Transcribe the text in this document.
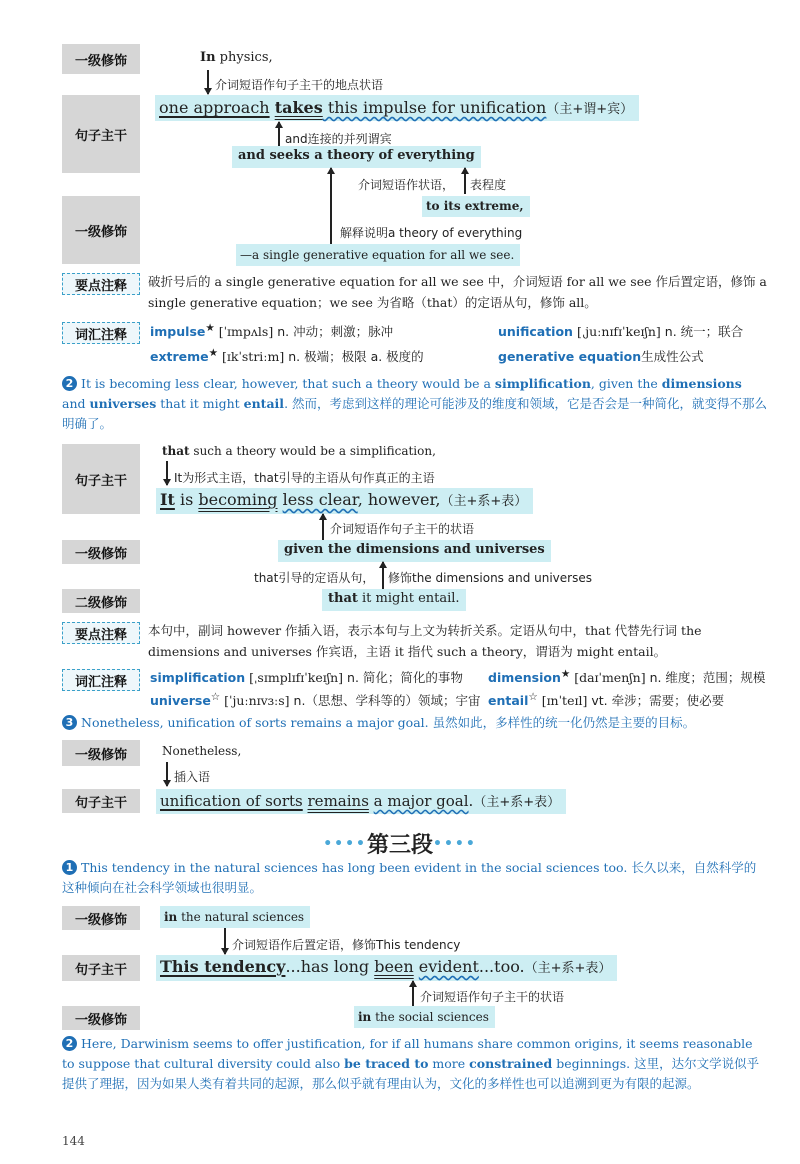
一级修饰	In physics,
介词短语作句子主干的地点状语
句子主干
one approach takes this impulse for unification（主+谓+宾）
and连接的并列谓宾
and seeks a theory of everything
介词短语作状语， 表程度
一级修饰
to its extreme,
解释说明a theory of everything
—a single generative equation for all we see.
要点注释	破折号后的 a single generative equation for all we see 中，介词短语 for all we see 作后置定语，修饰 a single generative equation；we see 为省略（that）的定语从句，修饰 all。
词汇注释	impulse★ [ˈɪmpʌls] n. 冲动；刺激；脉冲	unification [ˌjuːnɪfɪˈkeɪʃn] n. 统一；联合
extreme★ [ɪkˈstriːm] n. 极端；极限 a. 极度的	generative equation生成性公式
2 It is becoming less clear, however, that such a theory would be a simplification, given the dimensions and universes that it might entail. 然而，考虑到这样的理论可能涉及的维度和领域，它是否会是一种简化，就变得不那么明确了。
that such a theory would be a simplification,
It为形式主语，that引导的主语从句作真正的主语
句子主干
It is becoming less clear, however,（主+系+表）
介词短语作句子主干的状语
一级修饰	given the dimensions and universes
that引导的定语从句， 修饰the dimensions and universes
二级修饰	that it might entail.
要点注释	本句中，副词 however 作插入语，表示本句与上文为转折关系。定语从句中，that 代替先行词 the dimensions and universes 作宾语，主语 it 指代 such a theory，谓语为 might entail。
词汇注释	simplification [ˌsɪmplɪfɪˈkeɪʃn] n. 简化；简化的事物 dimension★ [daɪˈmenʃn] n. 维度；范围；规模
universe☆ [ˈjuːnɪvɜːs] n.（思想、学科等的）领域；宇宙 entail☆ [ɪnˈteɪl] vt. 牵涉；需要；使必要
3 Nonetheless, unification of sorts remains a major goal. 虽然如此，多样性的统一化仍然是主要的目标。
一级修饰	Nonetheless,
插入语
句子主干	unification of sorts remains a major goal.（主+系+表）
••••第三段••••
1 This tendency in the natural sciences has long been evident in the social sciences too. 长久以来，自然科学的这种倾向在社会科学领域也很明显。
一级修饰	in the natural sciences
介词短语作后置定语，修饰This tendency
句子主干	This tendency...has long been evident...too.（主+系+表）
介词短语作句子主干的状语
一级修饰	in the social sciences
2 Here, Darwinism seems to offer justification, for if all humans share common origins, it seems reasonable to suppose that cultural diversity could also be traced to more constrained beginnings. 这里，达尔文学说似乎提供了理据，因为如果人类有着共同的起源，那么似乎就有理由认为，文化的多样性也可以追溯到更为有限的起源。
144
